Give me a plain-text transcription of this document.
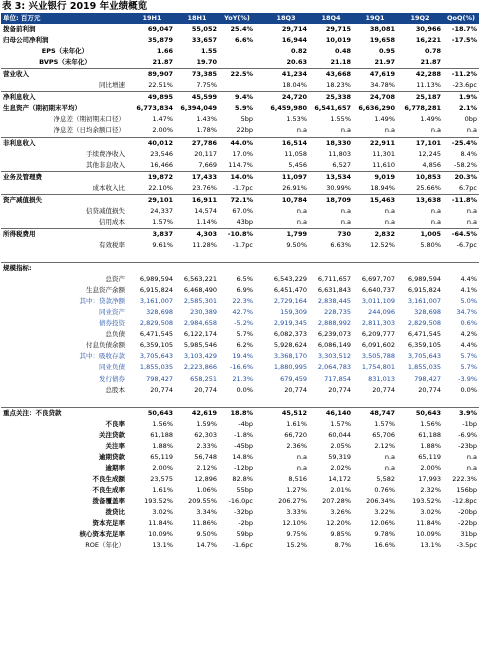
表 3: 兴业银行 2019 年业绩概览
单位: 百万元	19H1	18H1	YoY(%)		18Q3	18Q4	19Q1	19Q2	QoQ(%)
拨备前利润	69,047	55,052	25.4%		29,714	29,715	38,081	30,966	-18.7%
归母公司净利润	35,879	33,657	6.6%		16,944	10,019	19,658	16,221	-17.5%
EPS（未年化）	1.66	1.55			0.82	0.48	0.95	0.78	
BVPS（未年化）	21.87	19.70			20.63	21.18	21.97	21.87	
营业收入	89,907	73,385	22.5%		41,234	43,668	47,619	42,288	-11.2%
同比增速	22.51%	7.75%			18.04%	18.23%	34.78%	11.13%	-23.6pc
净利息收入	49,895	45,599	9.4%		24,720	25,338	24,708	25,187	1.9%
生息资产（期初期末平均）	6,773,834	6,394,049	5.9%		6,459,980	6,541,657	6,636,290	6,778,281	2.1%
净息差（期初期末口径）	1.47%	1.43%	5bp		1.53%	1.55%	1.49%	1.49%	0bp
净息差（日均余额口径）	2.00%	1.78%	22bp		n.a	n.a	n.a	n.a	n.a
非利息收入	40,012	27,786	44.0%		16,514	18,330	22,911	17,101	-25.4%
手续费净收入	23,546	20,117	17.0%		11,058	11,803	11,301	12,245	8.4%
其他非息收入	16,466	7,669	114.7%		5,456	6,527	11,610	4,856	-58.2%
业务及管理费	19,872	17,433	14.0%		11,097	13,534	9,019	10,853	20.3%
成本收入比	22.10%	23.76%	-1.7pc		26.91%	30.99%	18.94%	25.66%	6.7pc
资产减值损失	29,101	16,911	72.1%		10,784	18,709	15,463	13,638	-11.8%
信贷减值损失	24,337	14,574	67.0%		n.a	n.a	n.a	n.a	n.a
信用成本	1.57%	1.14%	43bp		n.a	n.a	n.a	n.a	n.a
所得税费用	3,837	4,303	-10.8%		1,799	730	2,832	1,005	-64.5%
有效税率	9.61%	11.28%	-1.7pc		9.50%	6.63%	12.52%	5.80%	-6.7pc

规模指标:									
总资产	6,989,594	6,563,221	6.5%		6,543,229	6,711,657	6,697,707	6,989,594	4.4%
生息资产余额	6,915,824	6,468,490	6.9%		6,451,470	6,631,843	6,640,737	6,915,824	4.1%
其中：贷款净额	3,161,007	2,585,301	22.3%		2,729,164	2,838,445	3,011,109	3,161,007	5.0%
同业资产	328,698	230,389	42.7%		159,309	228,735	244,096	328,698	34.7%
债券投资	2,829,508	2,984,658	-5.2%		2,919,345	2,888,992	2,811,303	2,829,508	0.6%
总负债	6,471,545	6,122,174	5.7%		6,082,373	6,239,073	6,209,777	6,471,545	4.2%
付息负债余额	6,359,105	5,985,546	6.2%		5,928,624	6,086,149	6,091,602	6,359,105	4.4%
其中：吸收存款	3,705,643	3,103,429	19.4%		3,368,170	3,303,512	3,505,788	3,705,643	5.7%
同业负债	1,855,035	2,223,866	-16.6%		1,880,995	2,064,783	1,754,801	1,855,035	5.7%
发行债券	798,427	658,251	21.3%		679,459	717,854	831,013	798,427	-3.9%
总股本	20,774	20,774	0.0%		20,774	20,774	20,774	20,774	0.0%

重点关注：不良贷款	50,643	42,619	18.8%		45,512	46,140	48,747	50,643	3.9%
不良率	1.56%	1.59%	-4bp		1.61%	1.57%	1.57%	1.56%	-1bp
关注贷款	61,188	62,303	-1.8%		66,720	60,044	65,706	61,188	-6.9%
关注率	1.88%	2.33%	-45bp		2.36%	2.05%	2.12%	1.88%	-23bp
逾期贷款	65,119	56,748	14.8%		n.a	59,319	n.a	65,119	n.a
逾期率	2.00%	2.12%	-12bp		n.a	2.02%	n.a	2.00%	n.a
不良生成额	23,575	12,896	82.8%		8,516	14,172	5,582	17,993	222.3%
不良生成率	1.61%	1.06%	55bp		1.27%	2.01%	0.76%	2.32%	156bp
拨备覆盖率	193.52%	209.55%	-16.0pc		206.27%	207.28%	206.34%	193.52%	-12.8pc
拨贷比	3.02%	3.34%	-32bp		3.33%	3.26%	3.22%	3.02%	-20bp
资本充足率	11.84%	11.86%	-2bp		12.10%	12.20%	12.06%	11.84%	-22bp
核心资本充足率	10.09%	9.50%	59bp		9.75%	9.85%	9.78%	10.09%	31bp
ROE（年化）	13.1%	14.7%	-1.6pc		15.2%	8.7%	16.6%	13.1%	-3.5pc
